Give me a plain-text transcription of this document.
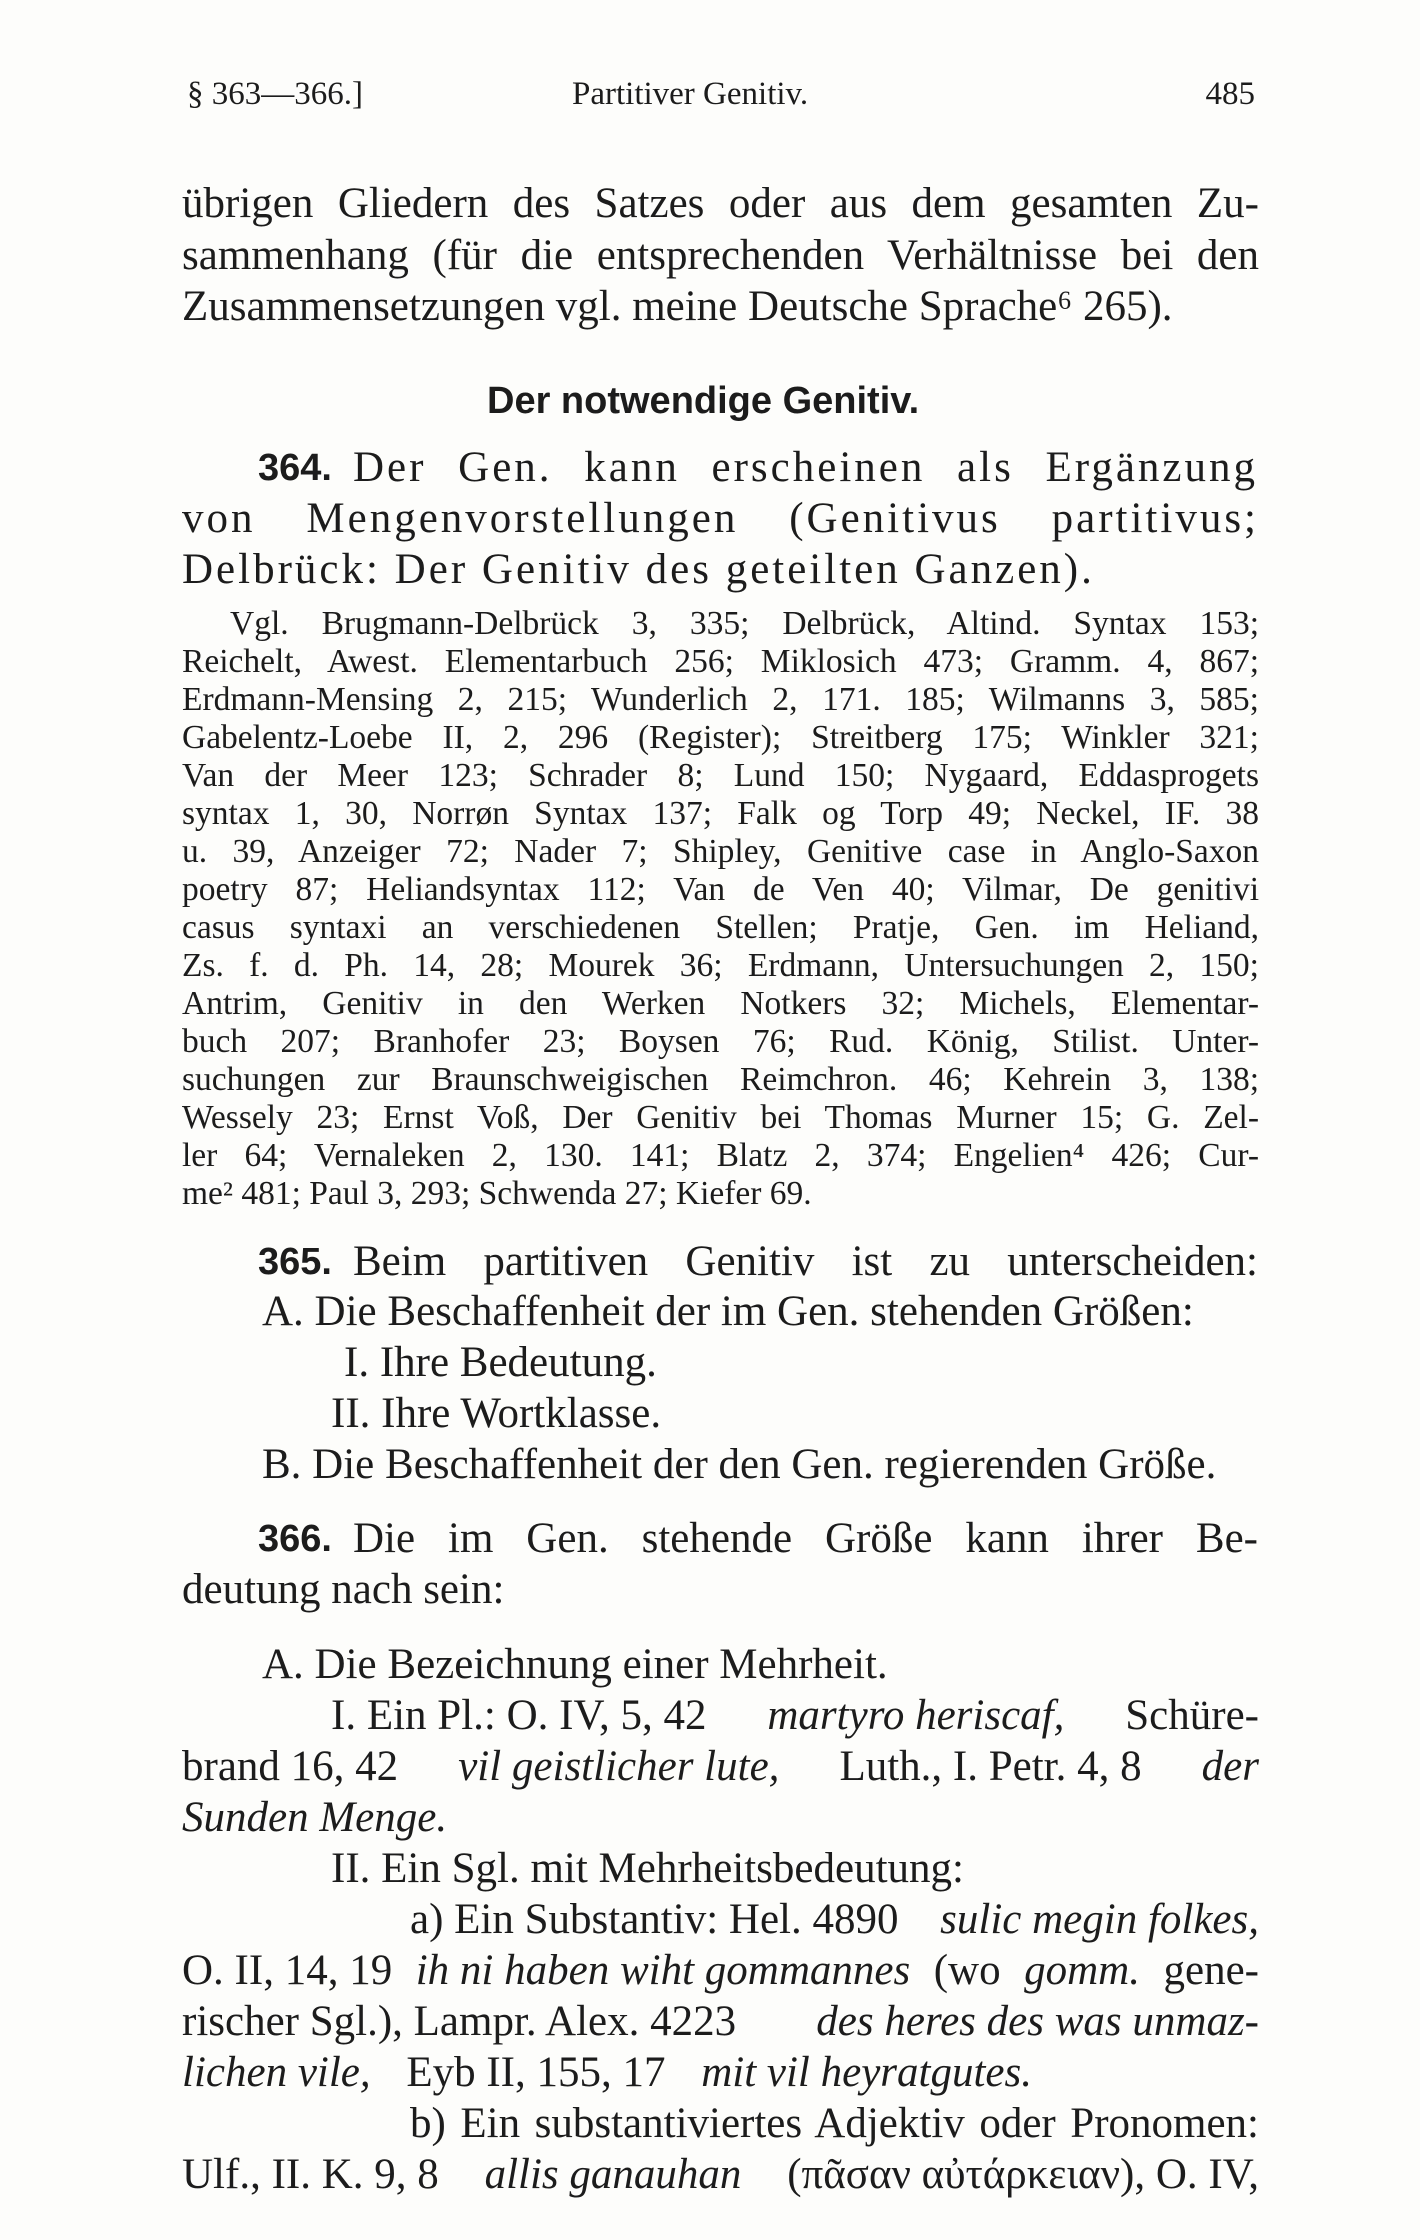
§ 363—366.]	Partitiver Genitiv.	485
übrigen Gliedern des Satzes oder aus dem gesamten Zu-
sammenhang (für die entsprechenden Verhältnisse bei den
Zusammensetzungen vgl. meine Deutsche Sprache⁶ 265).
Der notwendige Genitiv.
364. Der Gen. kann erscheinen als Ergänzung
von Mengenvorstellungen (Genitivus partitivus;
Delbrück: Der Genitiv des geteilten Ganzen).
Vgl. Brugmann-Delbrück 3, 335; Delbrück, Altind. Syntax 153;
Reichelt, Awest. Elementarbuch 256; Miklosich 473; Gramm. 4, 867;
Erdmann-Mensing 2, 215; Wunderlich 2, 171. 185; Wilmanns 3, 585;
Gabelentz-Loebe II, 2, 296 (Register); Streitberg 175; Winkler 321;
Van der Meer 123; Schrader 8; Lund 150; Nygaard, Eddasprogets
syntax 1, 30, Norrøn Syntax 137; Falk og Torp 49; Neckel, IF. 38
u. 39, Anzeiger 72; Nader 7; Shipley, Genitive case in Anglo-Saxon
poetry 87; Heliandsyntax 112; Van de Ven 40; Vilmar, De genitivi
casus syntaxi an verschiedenen Stellen; Pratje, Gen. im Heliand,
Zs. f. d. Ph. 14, 28; Mourek 36; Erdmann, Untersuchungen 2, 150;
Antrim, Genitiv in den Werken Notkers 32; Michels, Elementar-
buch 207; Branhofer 23; Boysen 76; Rud. König, Stilist. Unter-
suchungen zur Braunschweigischen Reimchron. 46; Kehrein 3, 138;
Wessely 23; Ernst Voß, Der Genitiv bei Thomas Murner 15; G. Zel-
ler 64; Vernaleken 2, 130. 141; Blatz 2, 374; Engelien⁴ 426; Cur-
me² 481; Paul 3, 293; Schwenda 27; Kiefer 69.
365. Beim partitiven Genitiv ist zu unterscheiden:
A. Die Beschaffenheit der im Gen. stehenden Größen:
I. Ihre Bedeutung.
II. Ihre Wortklasse.
B. Die Beschaffenheit der den Gen. regierenden Größe.
366. Die im Gen. stehende Größe kann ihrer Be-
deutung nach sein:
A. Die Bezeichnung einer Mehrheit.
I. Ein Pl.: O. IV, 5, 42 martyro heriscaf, Schüre-
brand 16, 42 vil geistlicher lute, Luth., I. Petr. 4, 8 der
Sunden Menge.
II. Ein Sgl. mit Mehrheitsbedeutung:
a) Ein Substantiv: Hel. 4890 sulic megin folkes,
O. II, 14, 19 ih ni haben wiht gommannes (wo gomm. gene-
rischer Sgl.), Lampr. Alex. 4223 des heres des was unmaz-
lichen vile, Eyb II, 155, 17 mit vil heyratgutes.
b) Ein substantiviertes Adjektiv oder Pronomen:
Ulf., II. K. 9, 8 allis ganauhan (πᾶσαν αὐτάρκειαν), O. IV,
